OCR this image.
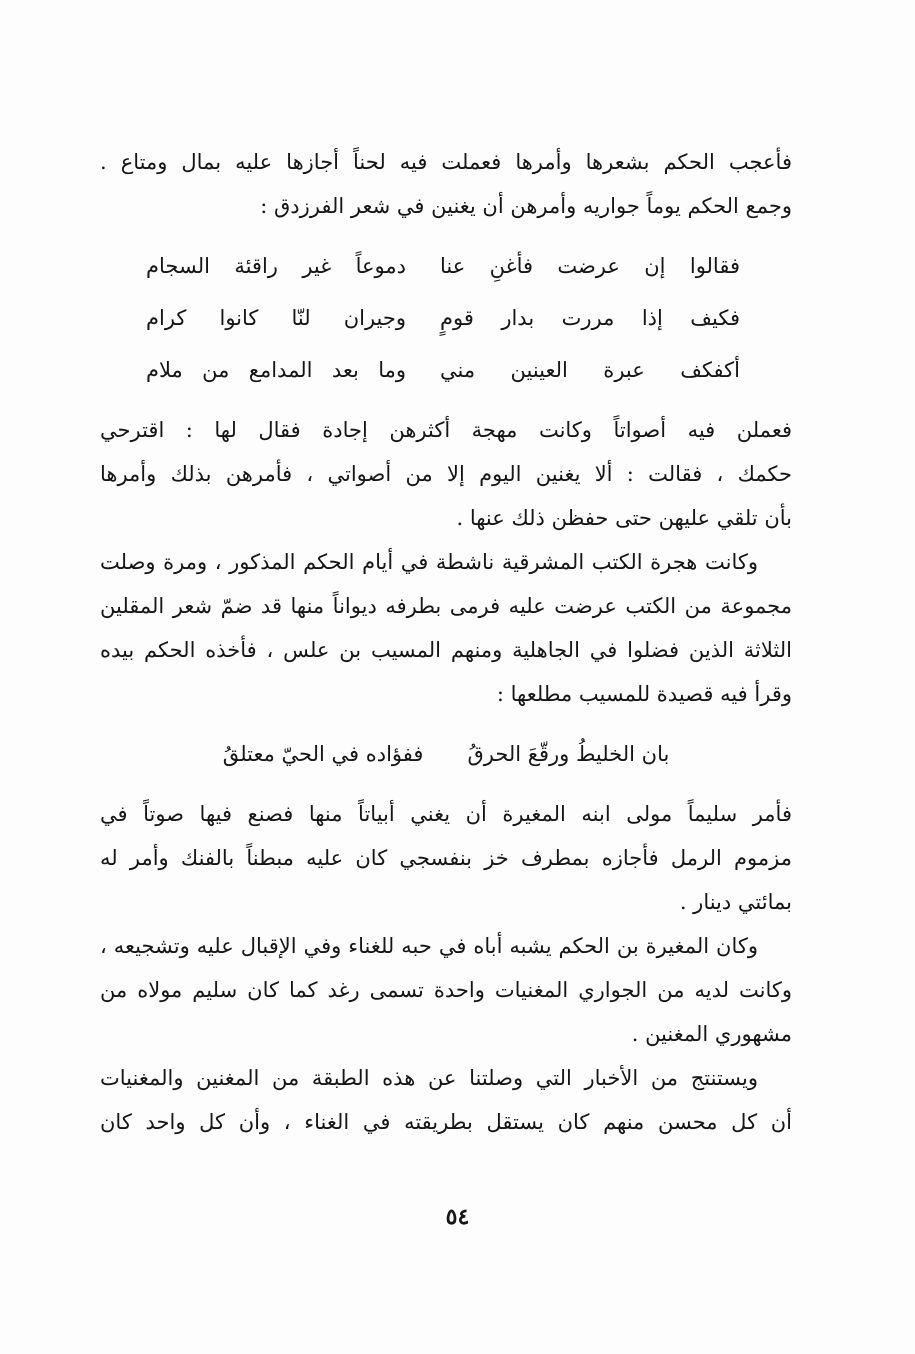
فأعجب الحكم بشعرها وأمرها فعملت فيه لحناً أجازها عليه بمال ومتاع .
وجمع الحكم يوماً جواريه وأمرهن أن يغنين في شعر الفرزدق :
فقالوا إن عرضت فأغنِ عنا
دموعاً غير راقئة السجام
فكيف إذا مررت بدار قومٍ
وجيران لنّا كانوا كرام
أكفكف عبرة العينين مني
وما بعد المدامع من ملام
فعملن فيه أصواتاً وكانت مهجة أكثرهن إجادة فقال لها : اقترحي
حكمك ، فقالت : ألا يغنين اليوم إلا من أصواتي ، فأمرهن بذلك وأمرها
بأن تلقي عليهن حتى حفظن ذلك عنها .
وكانت هجرة الكتب المشرقية ناشطة في أيام الحكم المذكور ، ومرة وصلت
مجموعة من الكتب عرضت عليه فرمى بطرفه ديواناً منها قد ضمّ شعر المقلين
الثلاثة الذين فضلوا في الجاهلية ومنهم المسيب بن علس ، فأخذه الحكم بيده
وقرأ فيه قصيدة للمسيب مطلعها :
بان الخليطُ ورقّعَ الحرقُ
ففؤاده في الحيّ معتلقُ
فأمر سليماً مولى ابنه المغيرة أن يغني أبياتاً منها فصنع فيها صوتاً في
مزموم الرمل فأجازه بمطرف خز بنفسجي كان عليه مبطناً بالفنك وأمر له
بمائتي دينار .
وكان المغيرة بن الحكم يشبه أباه في حبه للغناء وفي الإقبال عليه وتشجيعه ،
وكانت لديه من الجواري المغنيات واحدة تسمى رغد كما كان سليم مولاه من
مشهوري المغنين .
ويستنتج من الأخبار التي وصلتنا عن هذه الطبقة من المغنين والمغنيات
أن كل محسن منهم كان يستقل بطريقته في الغناء ، وأن كل واحد كان
٥٤
